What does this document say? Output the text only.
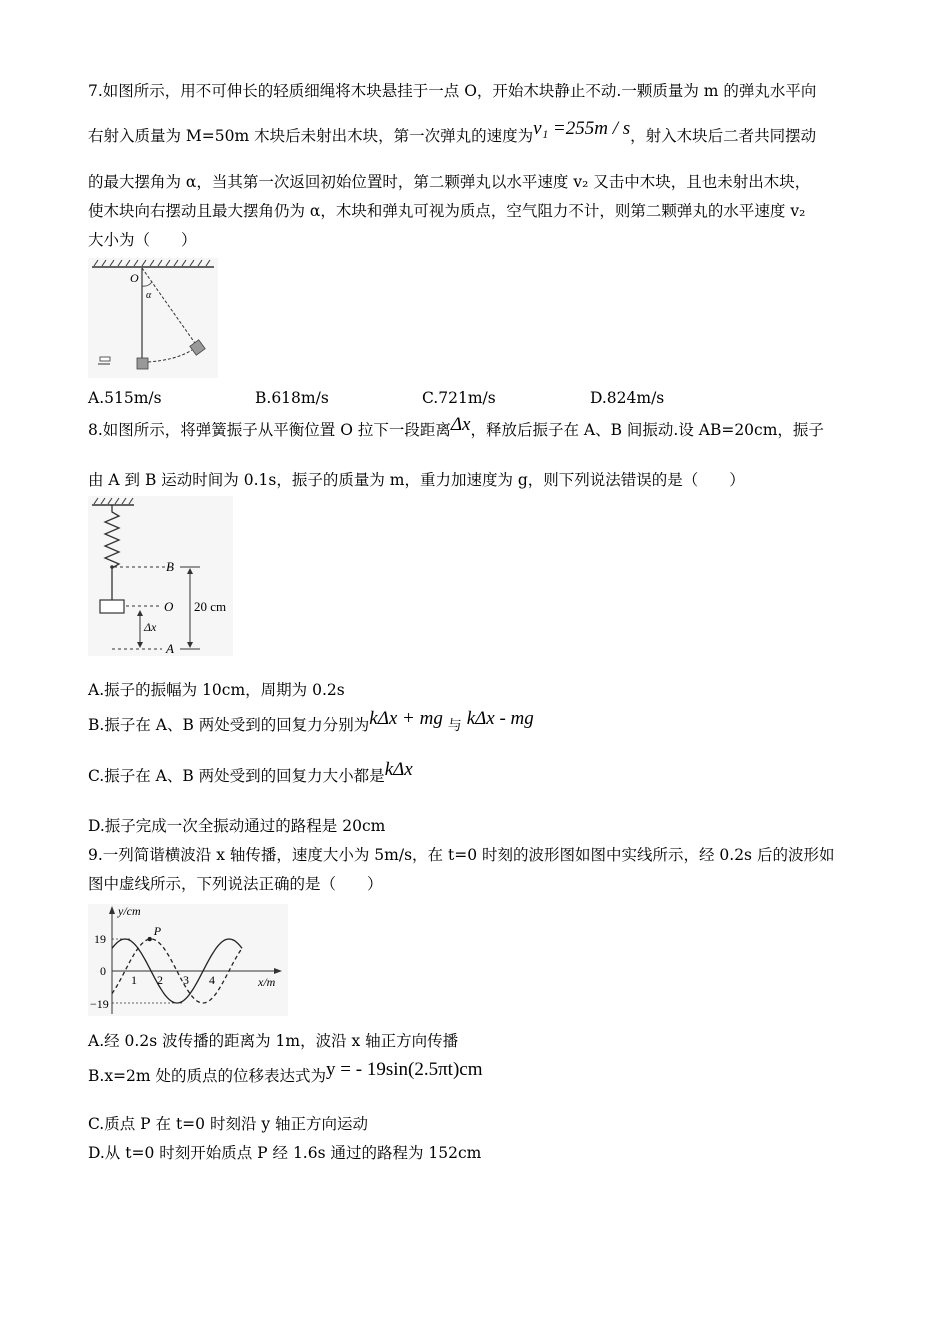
7.如图所示，用不可伸长的轻质细绳将木块悬挂于一点 O，开始木块静止不动.一颗质量为 m 的弹丸水平向
右射入质量为 M=50m 木块后未射出木块，第一次弹丸的速度为v₁ =255m / s，射入木块后二者共同摆动
的最大摆角为 α，当其第一次返回初始位置时，第二颗弹丸以水平速度 v₂ 又击中木块，且也未射出木块，
使木块向右摆动且最大摆角仍为 α，木块和弹丸可视为质点，空气阻力不计，则第二颗弹丸的水平速度 v₂
大小为（　　）
O
α
A.515m/s	B.618m/s	C.721m/s	D.824m/s
8.如图所示，将弹簧振子从平衡位置 O 拉下一段距离Δx，释放后振子在 A、B 间振动.设 AB=20cm，振子
由 A 到 B 运动时间为 0.1s，振子的质量为 m，重力加速度为 g，则下列说法错误的是（　　）
B
O
A
Δx
20 cm
A.振子的振幅为 10cm，周期为 0.2s
B.振子在 A、B 两处受到的回复力分别为kΔx + mg 与 kΔx - mg
C.振子在 A、B 两处受到的回复力大小都是kΔx
D.振子完成一次全振动通过的路程是 20cm
9.一列简谐横波沿 x 轴传播，速度大小为 5m/s，在 t=0 时刻的波形图如图中实线所示，经 0.2s 后的波形如
图中虚线所示，下列说法正确的是（　　）
1 2 3 4
P
y/cm
x/m
19
0
−19
A.经 0.2s 波传播的距离为 1m，波沿 x 轴正方向传播
B.x=2m 处的质点的位移表达式为y = - 19sin(2.5πt)cm
C.质点 P 在 t=0 时刻沿 y 轴正方向运动
D.从 t=0 时刻开始质点 P 经 1.6s 通过的路程为 152cm
